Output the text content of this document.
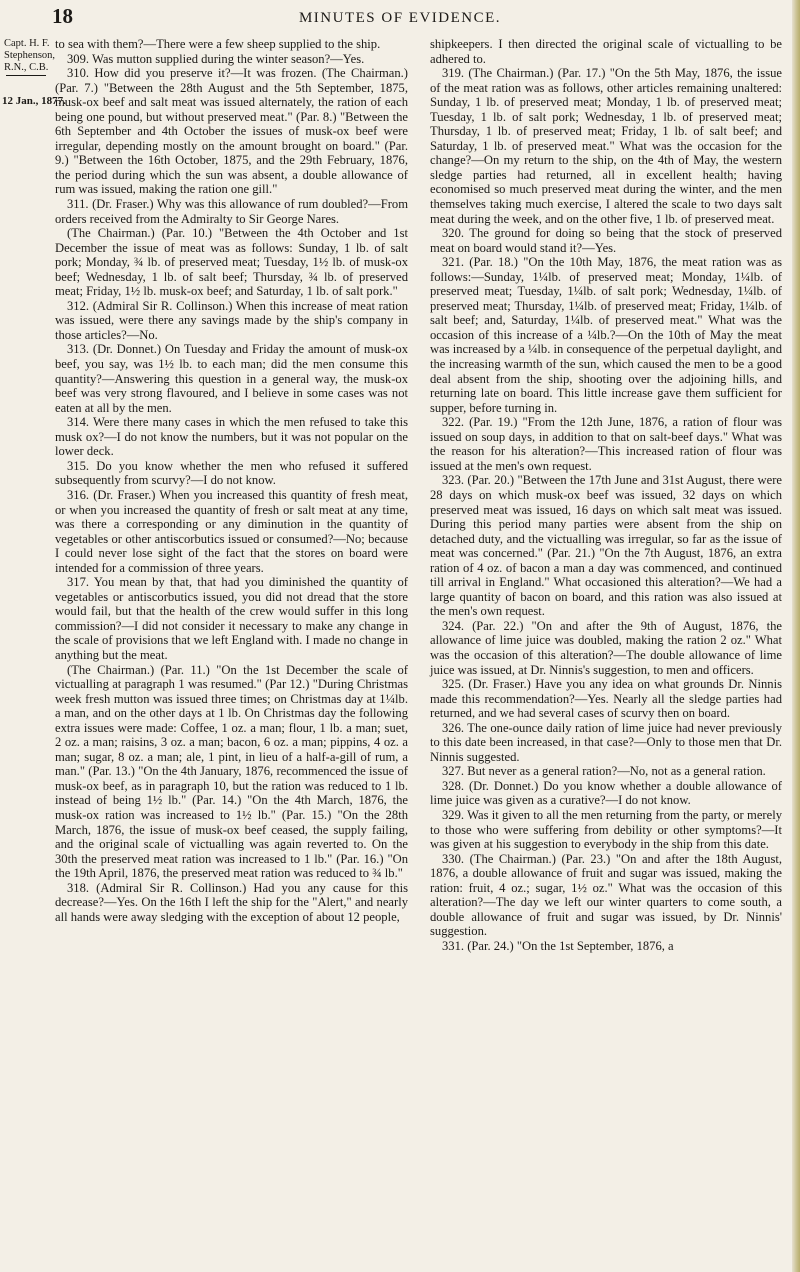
18	MINUTES OF EVIDENCE.
Capt. H. F.
Stephenson,
R.N., C.B.
12 Jan., 1877.

to sea with them?—There were a few sheep supplied to the ship.

309. Was mutton supplied during the winter season?—Yes.

310. How did you preserve it?—It was frozen. (The Chairman.) (Par. 7.) "Between the 28th August and the 5th September, 1875, musk-ox beef and salt meat was issued alternately, the ration of each being one pound, but without preserved meat." (Par. 8.) "Between the 6th September and 4th October the issues of musk-ox beef were irregular, depending mostly on the amount brought on board." (Par. 9.) "Between the 16th October, 1875, and the 29th February, 1876, the period during which the sun was absent, a double allowance of rum was issued, making the ration one gill."

311. (Dr. Fraser.) Why was this allowance of rum doubled?—From orders received from the Admiralty to Sir George Nares.

(The Chairman.) (Par. 10.) "Between the 4th October and 1st December the issue of meat was as follows: Sunday, 1 lb. of salt pork; Monday, ¾ lb. of preserved meat; Tuesday, 1½ lb. of musk-ox beef; Wednesday, 1 lb. of salt beef; Thursday, ¾ lb. of preserved meat; Friday, 1½ lb. musk-ox beef; and Saturday, 1 lb. of salt pork."

312. (Admiral Sir R. Collinson.) When this increase of meat ration was issued, were there any savings made by the ship's company in those articles?—No.

313. (Dr. Donnet.) On Tuesday and Friday the amount of musk-ox beef, you say, was 1½ lb. to each man; did the men consume this quantity?—Answering this question in a general way, the musk-ox beef was very strong flavoured, and I believe in some cases was not eaten at all by the men.

314. Were there many cases in which the men refused to take this musk ox?—I do not know the numbers, but it was not popular on the lower deck.

315. Do you know whether the men who refused it suffered subsequently from scurvy?—I do not know.

316. (Dr. Fraser.) When you increased this quantity of fresh meat, or when you increased the quantity of fresh or salt meat at any time, was there a corresponding or any diminution in the quantity of vegetables or other antiscorbutics issued or consumed?—No; because I could never lose sight of the fact that the stores on board were intended for a commission of three years.

317. You mean by that, that had you diminished the quantity of vegetables or antiscorbutics issued, you did not dread that the store would fail, but that the health of the crew would suffer in this long commission?—I did not consider it necessary to make any change in the scale of provisions that we left England with. I made no change in anything but the meat.

(The Chairman.) (Par. 11.) "On the 1st December the scale of victualling at paragraph 1 was resumed." (Par 12.) "During Christmas week fresh mutton was issued three times; on Christmas day at 1¼lb. a man, and on the other days at 1 lb. On Christmas day the following extra issues were made: Coffee, 1 oz. a man; flour, 1 lb. a man; suet, 2 oz. a man; raisins, 3 oz. a man; bacon, 6 oz. a man; pippins, 4 oz. a man; sugar, 8 oz. a man; ale, 1 pint, in lieu of a half-a-gill of rum, a man." (Par. 13.) "On the 4th January, 1876, recommenced the issue of musk-ox beef, as in paragraph 10, but the ration was reduced to 1 lb. instead of being 1½ lb." (Par. 14.) "On the 4th March, 1876, the musk-ox ration was increased to 1½ lb." (Par. 15.) "On the 28th March, 1876, the issue of musk-ox beef ceased, the supply failing, and the original scale of victualling was again reverted to. On the 30th the preserved meat ration was increased to 1 lb." (Par. 16.) "On the 19th April, 1876, the preserved meat ration was reduced to ¾ lb."

318. (Admiral Sir R. Collinson.) Had you any cause for this decrease?—Yes. On the 16th I left the ship for the "Alert," and nearly all hands were away sledging with the exception of about 12 people,

shipkeepers. I then directed the original scale of victualling to be adhered to.

319. (The Chairman.) (Par. 17.) "On the 5th May, 1876, the issue of the meat ration was as follows, other articles remaining unaltered: Sunday, 1 lb. of preserved meat; Monday, 1 lb. of preserved meat; Tuesday, 1 lb. of salt pork; Wednesday, 1 lb. of preserved meat; Thursday, 1 lb. of preserved meat; Friday, 1 lb. of salt beef; and Saturday, 1 lb. of preserved meat." What was the occasion for the change?—On my return to the ship, on the 4th of May, the western sledge parties had returned, all in excellent health; having economised so much preserved meat during the winter, and the men themselves taking much exercise, I altered the scale to two days salt meat during the week, and on the other five, 1 lb. of preserved meat.

320. The ground for doing so being that the stock of preserved meat on board would stand it?—Yes.

321. (Par. 18.) "On the 10th May, 1876, the meat ration was as follows:—Sunday, 1¼lb. of preserved meat; Monday, 1¼lb. of preserved meat; Tuesday, 1¼lb. of salt pork; Wednesday, 1¼lb. of preserved meat; Thursday, 1¼lb. of preserved meat; Friday, 1¼lb. of salt beef; and, Saturday, 1¼lb. of preserved meat." What was the occasion of this increase of a ¼lb.?—On the 10th of May the meat was increased by a ¼lb. in consequence of the perpetual daylight, and the increasing warmth of the sun, which caused the men to be a good deal absent from the ship, shooting over the adjoining hills, and returning late on board. This little increase gave them sufficient for supper, before turning in.

322. (Par. 19.) "From the 12th June, 1876, a ration of flour was issued on soup days, in addition to that on salt-beef days." What was the reason for his alteration?—This increased ration of flour was issued at the men's own request.

323. (Par. 20.) "Between the 17th June and 31st August, there were 28 days on which musk-ox beef was issued, 32 days on which preserved meat was issued, 16 days on which salt meat was issued. During this period many parties were absent from the ship on detached duty, and the victualling was irregular, so far as the issue of meat was concerned." (Par. 21.) "On the 7th August, 1876, an extra ration of 4 oz. of bacon a man a day was commenced, and continued till arrival in England." What occasioned this alteration?—We had a large quantity of bacon on board, and this ration was also issued at the men's own request.

324. (Par. 22.) "On and after the 9th of August, 1876, the allowance of lime juice was doubled, making the ration 2 oz." What was the occasion of this alteration?—The double allowance of lime juice was issued, at Dr. Ninnis's suggestion, to men and officers.

325. (Dr. Fraser.) Have you any idea on what grounds Dr. Ninnis made this recommendation?—Yes. Nearly all the sledge parties had returned, and we had several cases of scurvy then on board.

326. The one-ounce daily ration of lime juice had never previously to this date been increased, in that case?—Only to those men that Dr. Ninnis suggested.

327. But never as a general ration?—No, not as a general ration.

328. (Dr. Donnet.) Do you know whether a double allowance of lime juice was given as a curative?—I do not know.

329. Was it given to all the men returning from the party, or merely to those who were suffering from debility or other symptoms?—It was given at his suggestion to everybody in the ship from this date.

330. (The Chairman.) (Par. 23.) "On and after the 18th August, 1876, a double allowance of fruit and sugar was issued, making the ration: fruit, 4 oz.; sugar, 1½ oz." What was the occasion of this alteration?—The day we left our winter quarters to come south, a double allowance of fruit and sugar was issued, by Dr. Ninnis' suggestion.

331. (Par. 24.) "On the 1st September, 1876, a
